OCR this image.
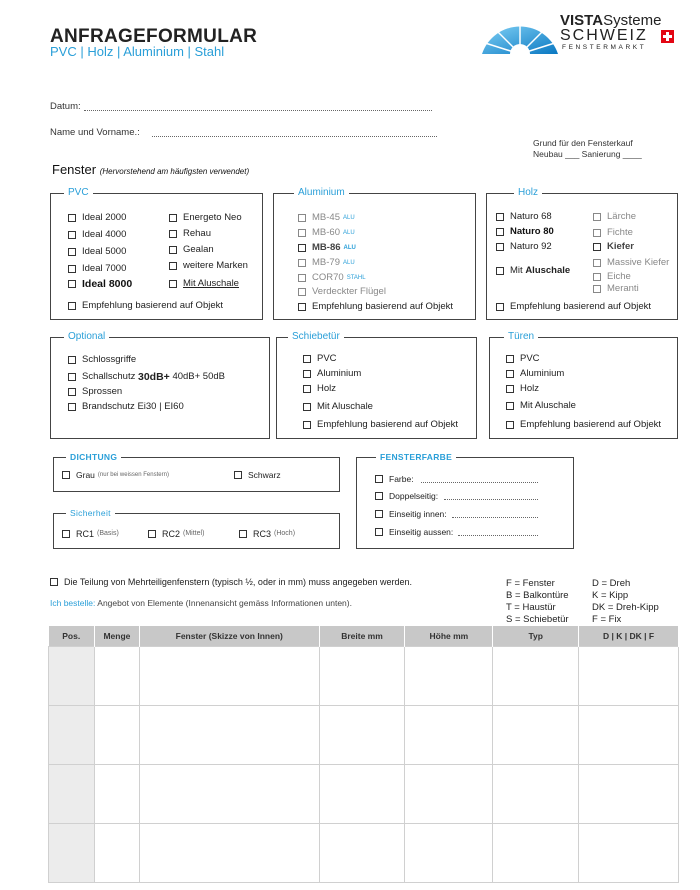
ANFRAGEFORMULAR
PVC | Holz | Aluminium | Stahl
VISTASysteme
SCHWEIZ
FENSTERMARKT
Datum:
Name und Vorname.:
Grund für den Fensterkauf
Neubau ___ Sanierung ____
Fenster (Hervorstehend am häufigsten verwendet)
PVC
Ideal 2000
Ideal 4000
Ideal 5000
Ideal 7000
Ideal 8000
Energeto Neo
Rehau
Gealan
weitere Marken
Mit Aluschale
Empfehlung basierend auf Objekt
Aluminium
MB-45 ALU
MB-60 ALU
MB-86 ALU
MB-79 ALU
COR70 STAHL
Verdeckter Flügel
Empfehlung basierend auf Objekt
Holz
Naturo 68
Naturo 80
Naturo 92
Mit
Aluschale
Lärche
Fichte
Kiefer
Massive Kiefer
Eiche
Meranti
Empfehlung basierend auf Objekt
Optional
Schlossgriffe
Schallschutz
30dB+
40dB+ 50dB
Sprossen
Brandschutz Ei30 | EI60
Schiebetür
PVC
Aluminium
Holz
Mit Aluschale
Empfehlung basierend auf Objekt
Türen
PVC
Aluminium
Holz
Mit Aluschale
Empfehlung basierend auf Objekt
DICHTUNG
Grau (nur bei weissen Fenstern)	Schwarz
Sicherheit
RC1 (Basis)	RC2 (Mittel)	RC3 (Hoch)
FENSTERFARBE
Farbe:
Doppelseitig:
Einseitig innen:
Einseitig aussen:
Die Teilung von Mehrteiligenfenstern (typisch ½, oder in mm) muss angegeben werden.
Ich bestelle: Angebot von Elemente (Innenansicht gemäss Informationen unten).
F = Fenster
B = Balkontüre
T = Haustür
S = Schiebetür
D = Dreh
K = Kipp
DK = Dreh-Kipp
F = Fix
Pos.	Menge	Fenster (Skizze von Innen)	Breite mm	Höhe mm	Typ	D | K | DK | F
